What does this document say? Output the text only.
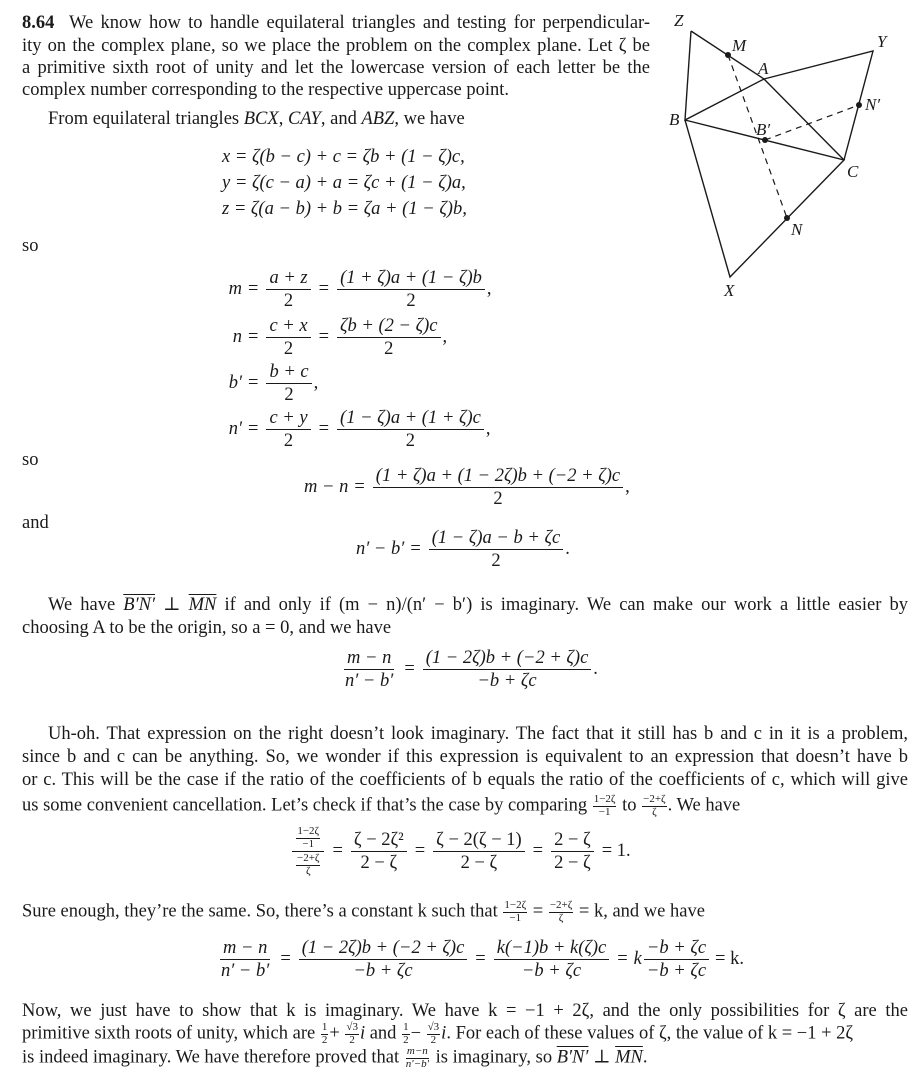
8.64 We know how to handle equilateral triangles and testing for perpendicular-
ity on the complex plane, so we place the problem on the complex plane. Let ζ be
a primitive sixth root of unity and let the lowercase version of each letter be the
complex number corresponding to the respective uppercase point.
From equilateral triangles BCX, CAY, and ABZ, we have
x = ζ(b − c) + c = ζb + (1 − ζ)c,
y = ζ(c − a) + a = ζc + (1 − ζ)a,
z = ζ(a − b) + b = ζa + (1 − ζ)b,
so
$m = \frac{a + z}{2} = \frac{(1 + \zeta)a + (1 - \zeta)b}{2}$ ,
$n = \frac{c + x}{2} = \frac{\zeta b + (2 - \zeta)c}{2}$ ,
$b' = \frac{b + c}{2}$ ,
$n' = \frac{c + y}{2} = \frac{(1 - \zeta)a + (1 + \zeta)c}{2}$ ,
so
$m - n = \frac{(1 + \zeta)a + (1 - 2\zeta)b + (-2 + \zeta)c}{2}$ ,
and
$n' - b' = \frac{(1 - \zeta)a - b + \zeta c}{2}$ .
We have B′N′ ⊥ $\overline{MN}$ if and only if (m − n)/(n′ − b′) is imaginary. We can make our work a little easier by
choosing A to be the origin, so a = 0, and we have
$\frac{m - n}{n' - b'} = \frac{(1 - 2\zeta)b + (-2 + \zeta)c}{-b + \zeta c}$ .
Uh-oh. That expression on the right doesn’t look imaginary. The fact that it still has b and c in it is a problem,
since b and c can be anything. So, we wonder if this expression is equivalent to an expression that doesn’t have b
or c. This will be the case if the ratio of the coefficients of b equals the ratio of the coefficients of c, which will give
us some convenient cancellation. Let’s check if that’s the case by comparing $\frac{1-2\zeta}{-1}$ to $\frac{-2+\zeta}{\zeta}$ . We have
$\frac{\frac{1-2\zeta}{-1}}{\frac{-2+\zeta}{\zeta}} = \frac{\text{ζ − 2ζ²}}{2 - \zeta} = \frac{\zeta - 2(\zeta - 1)}{2 - \zeta} = \frac{2 - \zeta}{2 - \zeta} = 1$.
Sure enough, they’re the same. So, there’s a constant k such that $\frac{1-2\zeta}{-1} = \frac{-2+\zeta}{\zeta} = k$, and we have
$\frac{m - n}{n' - b'} = \frac{(1 - 2\zeta)b + (-2 + \zeta)c}{-b + \zeta c} = \frac{k(-1)b + k(\zeta)c}{-b + \zeta c} = k \frac{-b + \zeta c}{-b + \zeta c} = k$.
Now, we just have to show that k is imaginary. We have k = −1 + 2ζ, and the only possibilities for ζ are the
primitive sixth roots of unity, which are $\frac{1}{2} + \frac{√3}{2}$ i and $\frac{1}{2} - \frac{√3}{2} i$. For each of these values of ζ, the value of k = −1 + 2ζ
is indeed imaginary. We have therefore proved that $\frac{m-n}{n'-b'}$ is imaginary, so B′N′ ⊥ $\overline{MN}$.
Z
M
A
Y
B
B′
N′
C
N
X
